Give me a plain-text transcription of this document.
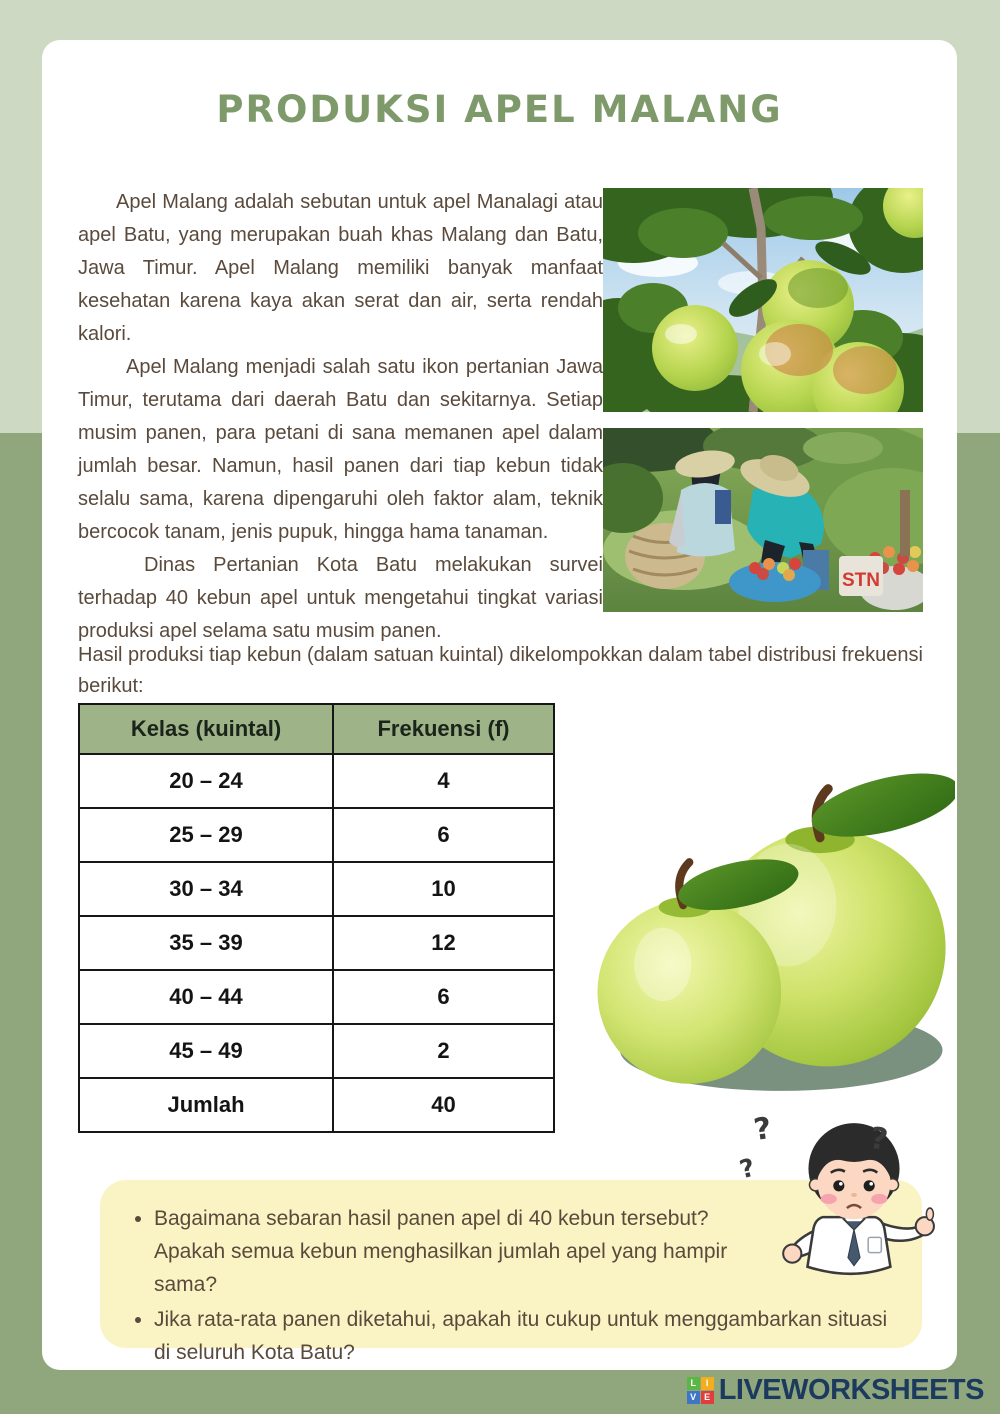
PRODUKSI APEL MALANG

Apel Malang adalah sebutan untuk apel Manalagi atau apel Batu, yang merupakan buah khas Malang dan Batu, Jawa Timur. Apel Malang memiliki banyak manfaat kesehatan karena kaya akan serat dan air, serta rendah kalori.

Apel Malang menjadi salah satu ikon pertanian Jawa Timur, terutama dari daerah Batu dan sekitarnya. Setiap musim panen, para petani di sana memanen apel dalam jumlah besar. Namun, hasil panen dari tiap kebun tidak selalu sama, karena dipengaruhi oleh faktor alam, teknik bercocok tanam, jenis pupuk, hingga hama tanaman.

Dinas Pertanian Kota Batu melakukan survei terhadap 40 kebun apel untuk mengetahui tingkat variasi produksi apel selama satu musim panen.

STN

Hasil produksi tiap kebun (dalam satuan kuintal) dikelompokkan dalam tabel distribusi frekuensi berikut:

Kelas (kuintal)	Frekuensi (f)
20 – 24	4
25 – 29	6
30 – 34	10
35 – 39	12
40 – 44	6
45 – 49	2
Jumlah	40
• Bagaimana sebaran hasil panen apel di 40 kebun tersebut? Apakah semua kebun menghasilkan jumlah apel yang hampir sama?
• Jika rata-rata panen diketahui, apakah itu cukup untuk menggambarkan situasi di seluruh Kota Batu?
?	?
?
L	I
V E LIVEWORKSHEETS
